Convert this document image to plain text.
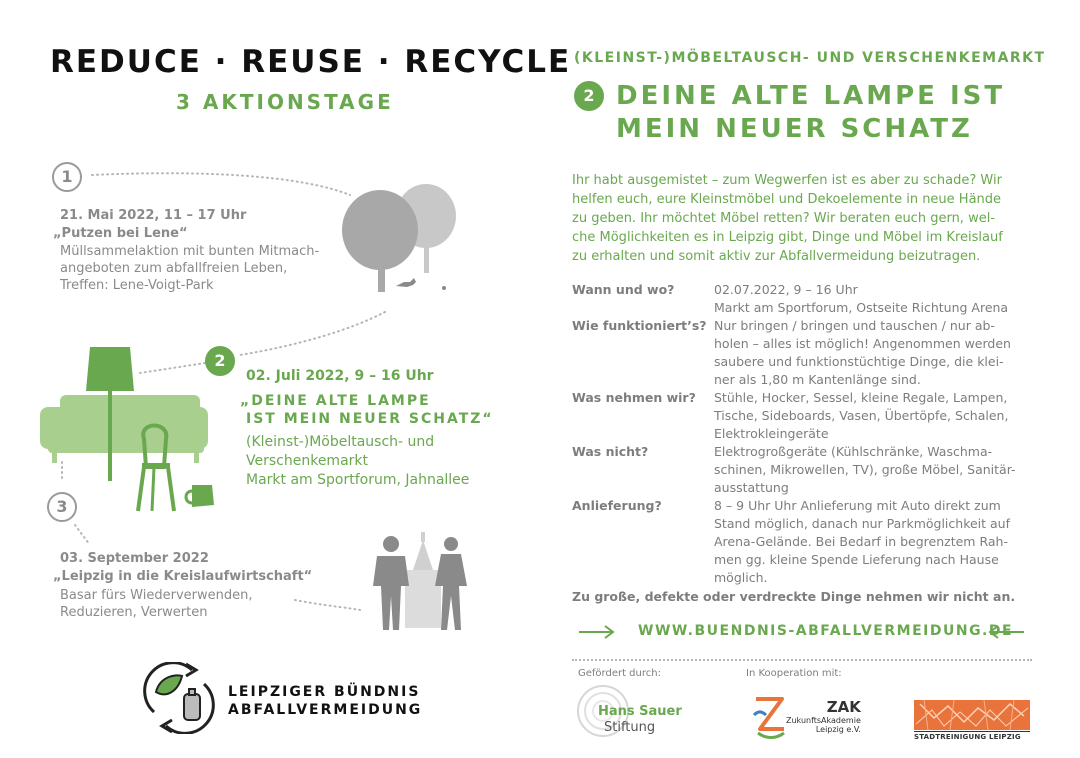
REDUCE · REUSE · RECYCLE
3 AKTIONSTAGE
1
21. Mai 2022, 11 – 17 Uhr
„Putzen bei Lene“
Müllsammelaktion mit bunten Mitmach-
angeboten zum abfallfreien Leben,
Treffen: Lene-Voigt-Park
2
02. Juli 2022, 9 – 16 Uhr
„DEINE ALTE LAMPE
IST MEIN NEUER SCHATZ“
(Kleinst-)Möbeltausch- und
Verschenkemarkt
Markt am Sportforum, Jahnallee
3
03. September 2022
„Leipzig in die Kreislaufwirtschaft“
Basar fürs Wiederverwenden,
Reduzieren, Verwerten
LEIPZIGER BÜNDNIS
ABFALLVERMEIDUNG
(KLEINST-)MÖBELTAUSCH- UND VERSCHENKEMARKT
2 DEINE ALTE LAMPE IST
MEIN NEUER SCHATZ
Ihr habt ausgemistet – zum Wegwerfen ist es aber zu schade? Wir
helfen euch, eure Kleinstmöbel und Dekoelemente in neue Hände
zu geben. Ihr möchtet Möbel retten? Wir beraten euch gern, wel-
che Möglichkeiten es in Leipzig gibt, Dinge und Möbel im Kreislauf
zu erhalten und somit aktiv zur Abfallvermeidung beizutragen.
Wann und wo?	02.07.2022, 9 – 16 Uhr
Markt am Sportforum, Ostseite Richtung Arena
Wie funktioniert’s? Nur bringen / bringen und tauschen / nur ab-
holen – alles ist möglich! Angenommen werden
saubere und funktionstüchtige Dinge, die klei-
ner als 1,80 m Kantenlänge sind.
Was nehmen wir?	Stühle, Hocker, Sessel, kleine Regale, Lampen,
Tische, Sideboards, Vasen, Übertöpfe, Schalen,
Elektrokleingeräte
Was nicht?	Elektrogroßgeräte (Kühlschränke, Waschma-
schinen, Mikrowellen, TV), große Möbel, Sanitär-
ausstattung
Anlieferung?	8 – 9 Uhr Uhr Anlieferung mit Auto direkt zum
Stand möglich, danach nur Parkmöglichkeit auf
Arena-Gelände. Bei Bedarf in begrenztem Rah-
men gg. kleine Spende Lieferung nach Hause
möglich.
Zu große, defekte oder verdreckte Dinge nehmen wir nicht an.
WWW.BUENDNIS-ABFALLVERMEIDUNG.DE
Gefördert durch:
Hans Sauer
Stiftung
In Kooperation mit:
ZAK
ZukunftsAkademie
Leipzig e.V.
STADTREINIGUNG LEIPZIG
